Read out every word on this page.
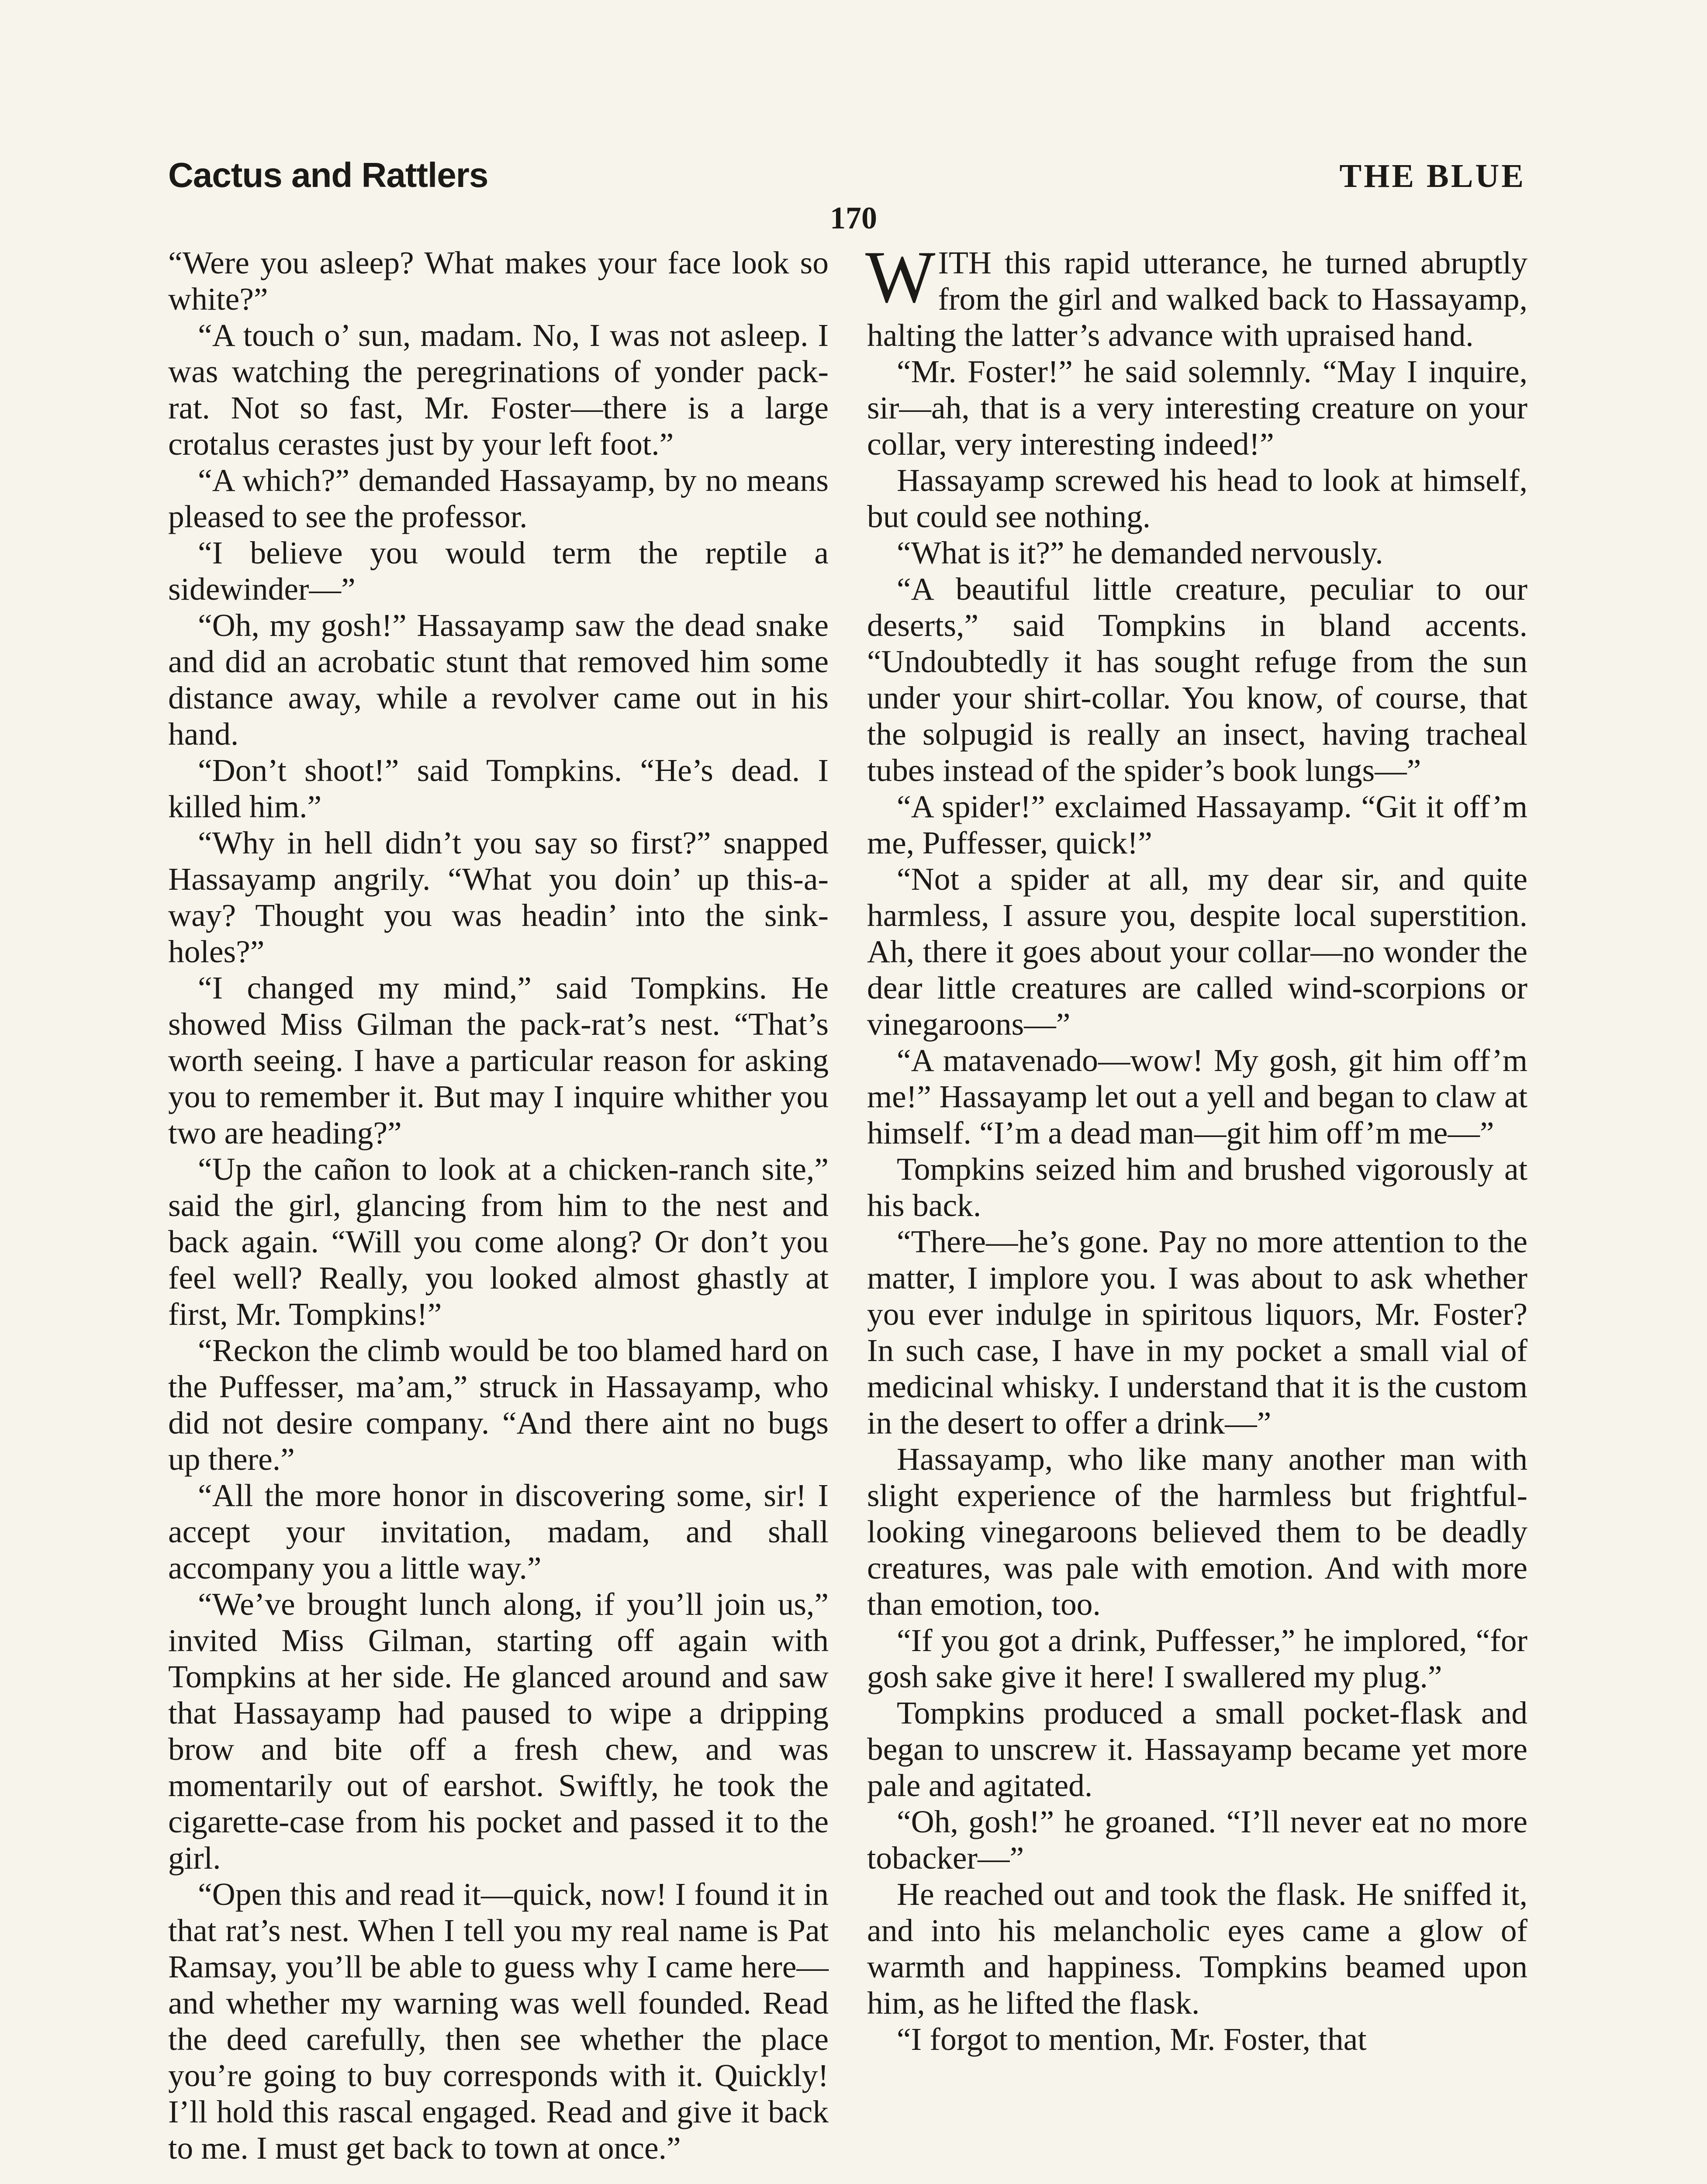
Cactus and Rattlers	THE BLUE
170

“Were you asleep? What makes your face look so white?”

“A touch o’ sun, madam. No, I was not asleep. I was watching the peregrinations of yonder pack-rat. Not so fast, Mr. Foster—there is a large crotalus cerastes just by your left foot.”

“A which?” demanded Hassayamp, by no means pleased to see the professor.

“I believe you would term the reptile a sidewinder—”

“Oh, my gosh!” Hassayamp saw the dead snake and did an acrobatic stunt that removed him some distance away, while a revolver came out in his hand.

“Don’t shoot!” said Tompkins. “He’s dead. I killed him.”

“Why in hell didn’t you say so first?” snapped Hassayamp angrily. “What you doin’ up this-a-way? Thought you was headin’ into the sink-holes?”

“I changed my mind,” said Tompkins. He showed Miss Gilman the pack-rat’s nest. “That’s worth seeing. I have a particular reason for asking you to remember it. But may I inquire whither you two are heading?”

“Up the cañon to look at a chicken-ranch site,” said the girl, glancing from him to the nest and back again. “Will you come along? Or don’t you feel well? Really, you looked almost ghastly at first, Mr. Tompkins!”

“Reckon the climb would be too blamed hard on the Puffesser, ma’am,” struck in Hassayamp, who did not desire company. “And there aint no bugs up there.”

“All the more honor in discovering some, sir! I accept your invitation, madam, and shall accompany you a little way.”

“We’ve brought lunch along, if you’ll join us,” invited Miss Gilman, starting off again with Tompkins at her side. He glanced around and saw that Hassayamp had paused to wipe a dripping brow and bite off a fresh chew, and was momentarily out of earshot. Swiftly, he took the cigarette-case from his pocket and passed it to the girl.

“Open this and read it—quick, now! I found it in that rat’s nest. When I tell you my real name is Pat Ramsay, you’ll be able to guess why I came here—and whether my warning was well founded. Read the deed carefully, then see whether the place you’re going to buy corresponds with it. Quickly! I’ll hold this rascal engaged. Read and give it back to me. I must get back to town at once.”

WITH this rapid utterance, he turned abruptly from the girl and walked back to Hassayamp, halting the latter’s advance with upraised hand.

“Mr. Foster!” he said solemnly. “May I inquire, sir—ah, that is a very interesting creature on your collar, very interesting indeed!”

Hassayamp screwed his head to look at himself, but could see nothing.

“What is it?” he demanded nervously.

“A beautiful little creature, peculiar to our deserts,” said Tompkins in bland accents. “Undoubtedly it has sought refuge from the sun under your shirt-collar. You know, of course, that the solpugid is really an insect, having tracheal tubes instead of the spider’s book lungs—”

“A spider!” exclaimed Hassayamp. “Git it off’m me, Puffesser, quick!”

“Not a spider at all, my dear sir, and quite harmless, I assure you, despite local superstition. Ah, there it goes about your collar—no wonder the dear little creatures are called wind-scorpions or vinegaroons—”

“A matavenado—wow! My gosh, git him off’m me!” Hassayamp let out a yell and began to claw at himself. “I’m a dead man—git him off’m me—”

Tompkins seized him and brushed vigorously at his back.

“There—he’s gone. Pay no more attention to the matter, I implore you. I was about to ask whether you ever indulge in spiritous liquors, Mr. Foster? In such case, I have in my pocket a small vial of medicinal whisky. I understand that it is the custom in the desert to offer a drink—”

Hassayamp, who like many another man with slight experience of the harmless but frightful-looking vinegaroons believed them to be deadly creatures, was pale with emotion. And with more than emotion, too.

“If you got a drink, Puffesser,” he implored, “for gosh sake give it here! I swallered my plug.”

Tompkins produced a small pocket-flask and began to unscrew it. Hassayamp became yet more pale and agitated.

“Oh, gosh!” he groaned. “I’ll never eat no more tobacker—”

He reached out and took the flask. He sniffed it, and into his melancholic eyes came a glow of warmth and happiness. Tompkins beamed upon him, as he lifted the flask.

“I forgot to mention, Mr. Foster, that
